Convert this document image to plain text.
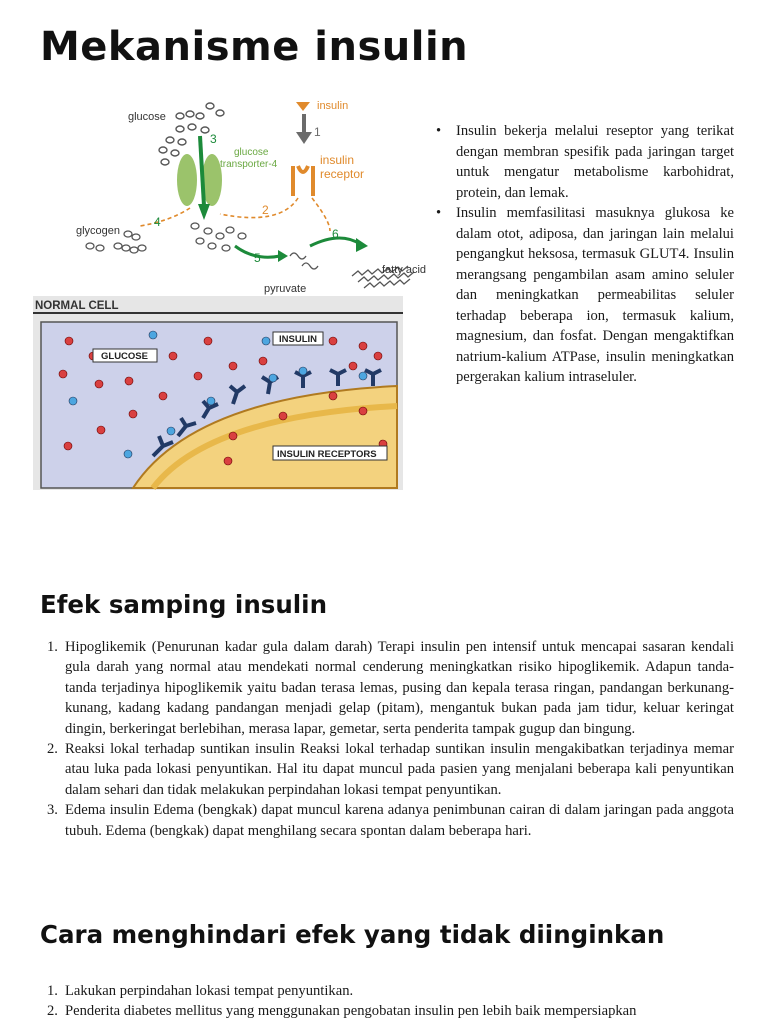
Mekanisme insulin
glucose
insulin
1
3
glucose
transporter-4	insulin
receptor
2
4
glycogen
5
pyruvate
6
fatty acid
NORMAL CELL
GLUCOSE
INSULIN
INSULIN RECEPTORS
• Insulin bekerja melalui reseptor yang terikat dengan membran spesifik pada jaringan target untuk mengatur metabolisme karbohidrat, protein, dan lemak.
• Insulin memfasilitasi masuknya glukosa ke dalam otot, adiposa, dan jaringan lain melalui pengangkut heksosa, termasuk GLUT4. Insulin merangsang pengambilan asam amino seluler dan meningkatkan permeabilitas seluler terhadap beberapa ion, termasuk kalium, magnesium, dan fosfat. Dengan mengaktifkan natrium-kalium ATPase, insulin meningkatkan pergerakan kalium intraseluler.
Efek samping insulin
1. Hipoglikemik (Penurunan kadar gula dalam darah) Terapi insulin pen intensif untuk mencapai sasaran kendali gula darah yang normal atau mendekati normal cenderung meningkatkan risiko hipoglikemik. Adapun tanda-tanda terjadinya hipoglikemik yaitu badan terasa lemas, pusing dan kepala terasa ringan, pandangan berkunang-kunang, kadang kadang pandangan menjadi gelap (pitam), mengantuk bukan pada jam tidur, keluar keringat dingin, berkeringat berlebihan, merasa lapar, gemetar, serta penderita tampak gugup dan bingung.
2. Reaksi lokal terhadap suntikan insulin Reaksi lokal terhadap suntikan insulin mengakibatkan terjadinya memar atau luka pada lokasi penyuntikan. Hal itu dapat muncul pada pasien yang menjalani beberapa kali penyuntikan dalam sehari dan tidak melakukan perpindahan lokasi tempat penyuntikan.
3. Edema insulin Edema (bengkak) dapat muncul karena adanya penimbunan cairan di dalam jaringan pada anggota tubuh. Edema (bengkak) dapat menghilang secara spontan dalam beberapa hari.
Cara menghindari efek yang tidak diinginkan
1. Lakukan perpindahan lokasi tempat penyuntikan.
2. Penderita diabetes mellitus yang menggunakan pengobatan insulin pen lebih baik mempersiapkan
